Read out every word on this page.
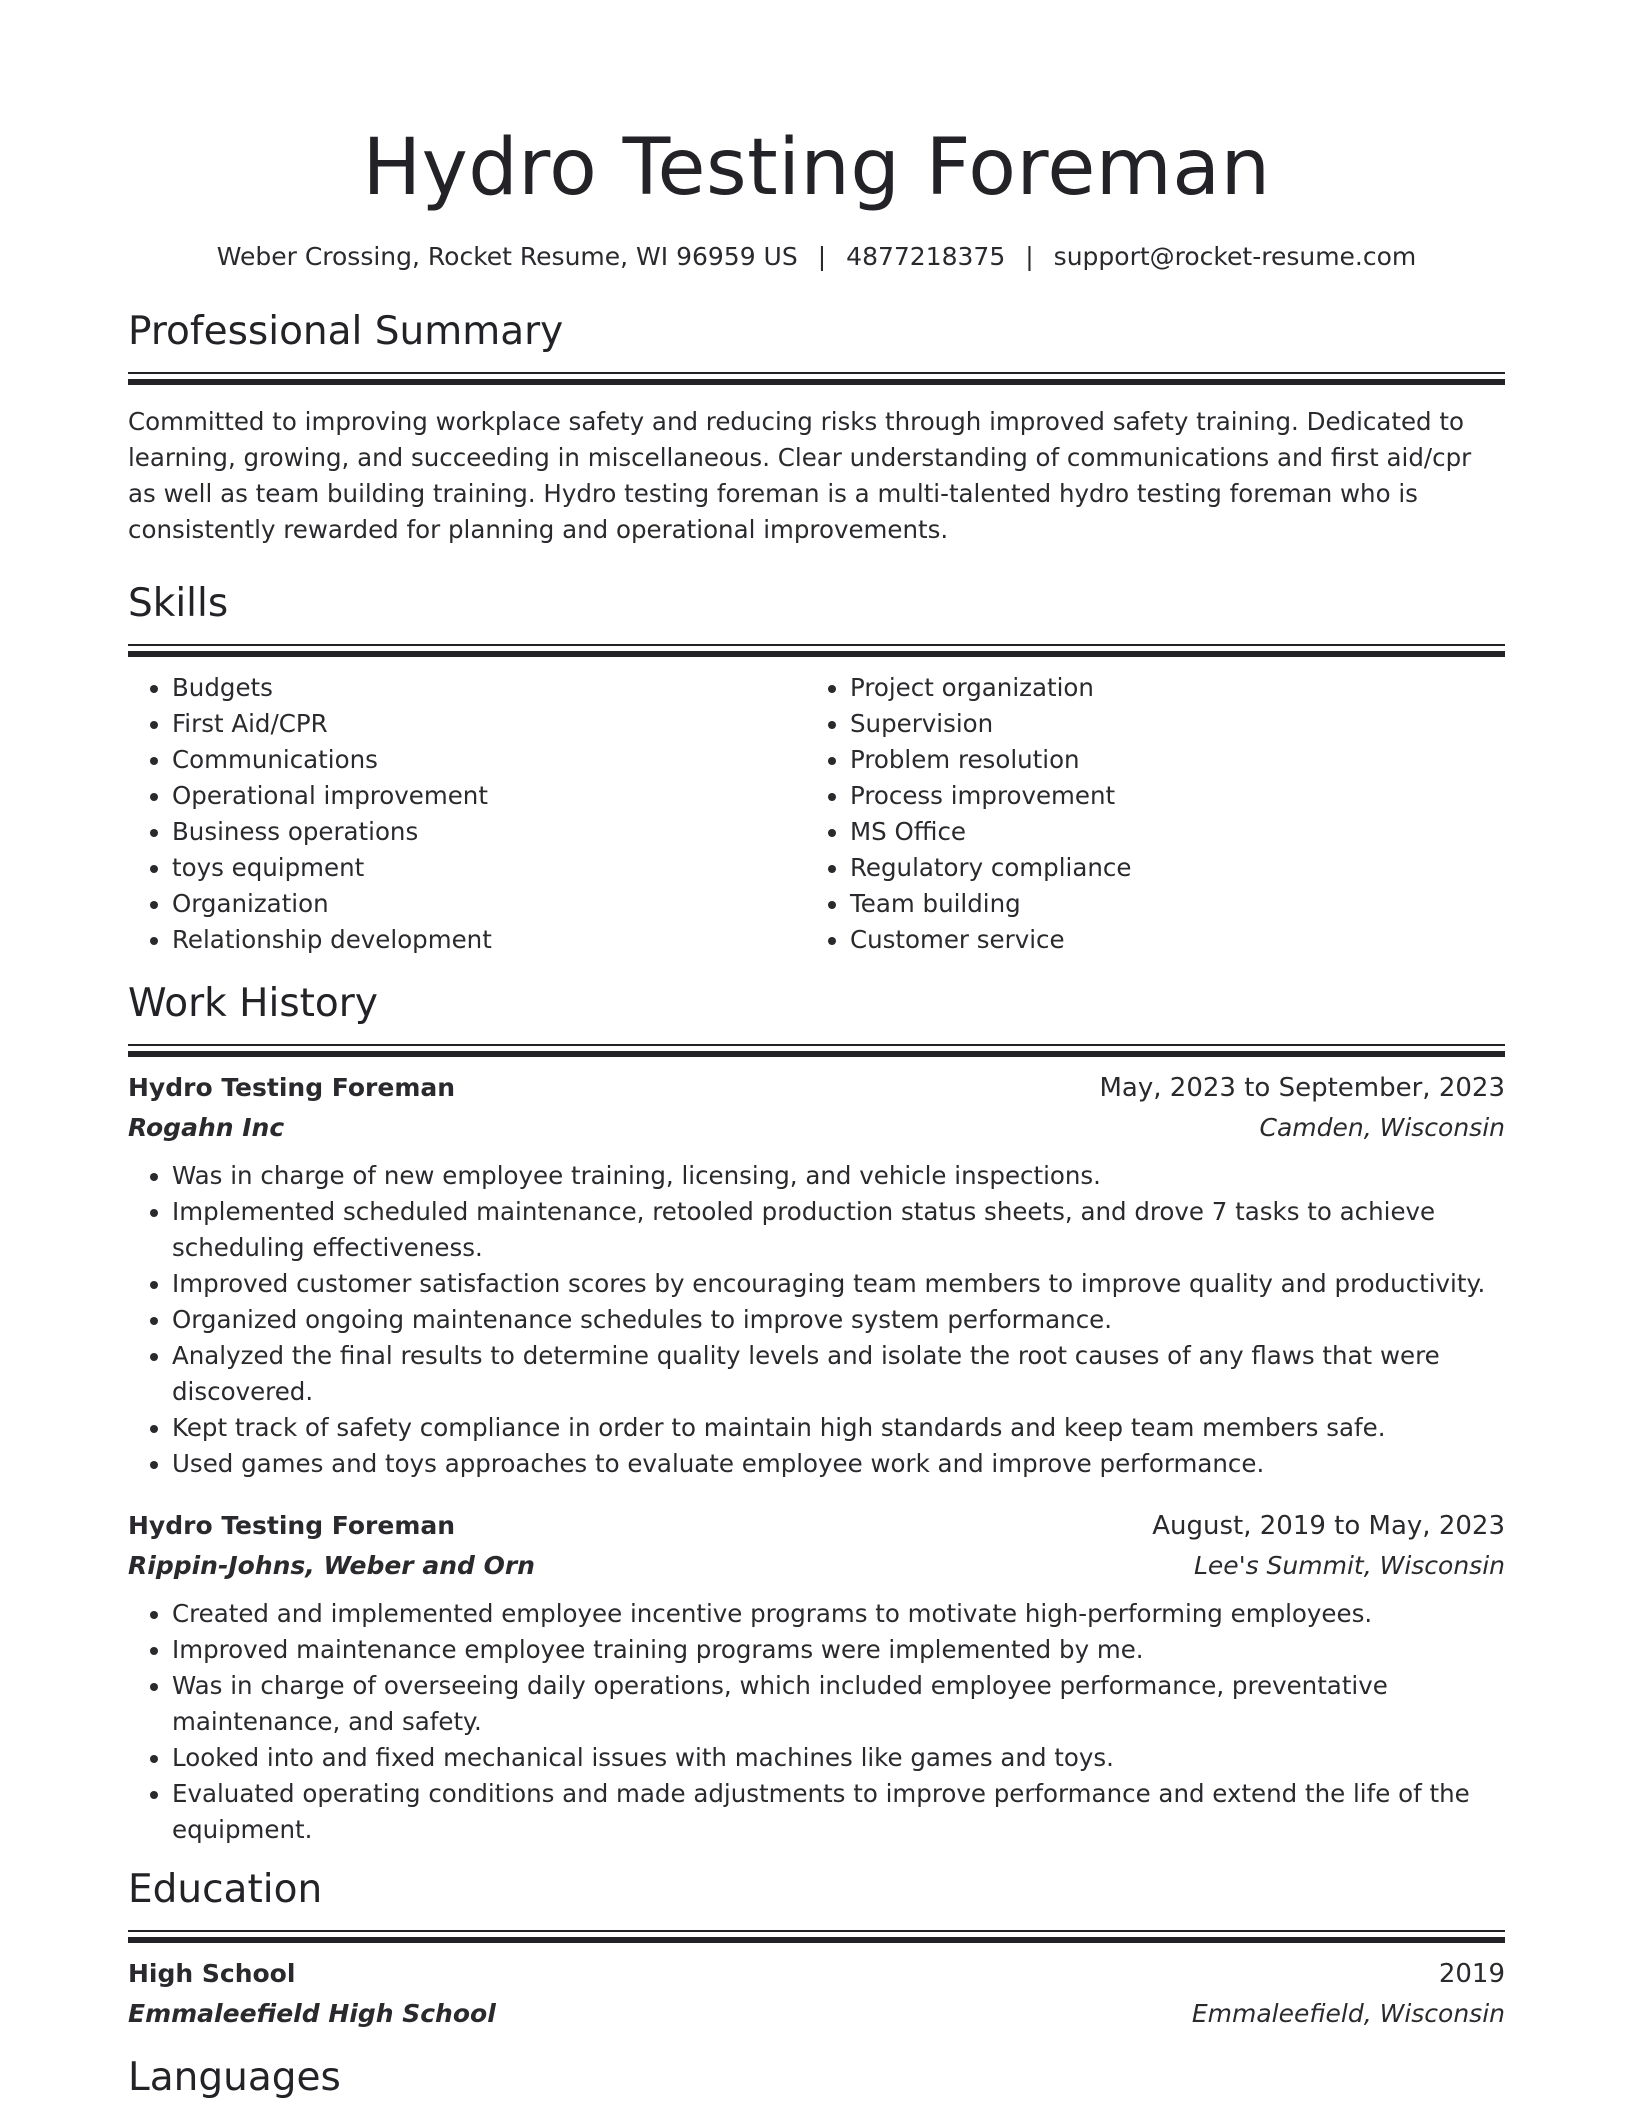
Hydro Testing Foreman
Weber Crossing, Rocket Resume, WI 96959 US | 4877218375 | support@rocket-resume.com
Professional Summary

Committed to improving workplace safety and reducing risks through improved safety training. Dedicated to learning, growing, and succeeding in miscellaneous. Clear understanding of communications and first aid/cpr as well as team building training. Hydro testing foreman is a multi-talented hydro testing foreman who is consistently rewarded for planning and operational improvements.

Skills
• Budgets
• First Aid/CPR
• Communications
• Operational improvement
• Business operations
• toys equipment
• Organization
• Relationship development
• Project organization
• Supervision
• Problem resolution
• Process improvement
• MS Office
• Regulatory compliance
• Team building
• Customer service
Work History
Hydro Testing Foreman	May, 2023 to September, 2023
Rogahn Inc	Camden, Wisconsin
• Was in charge of new employee training, licensing, and vehicle inspections.
• Implemented scheduled maintenance, retooled production status sheets, and drove 7 tasks to achieve scheduling effectiveness.
• Improved customer satisfaction scores by encouraging team members to improve quality and productivity.
• Organized ongoing maintenance schedules to improve system performance.
• Analyzed the final results to determine quality levels and isolate the root causes of any flaws that were discovered.
• Kept track of safety compliance in order to maintain high standards and keep team members safe.
• Used games and toys approaches to evaluate employee work and improve performance.
Hydro Testing Foreman	August, 2019 to May, 2023
Rippin-Johns, Weber and Orn	Lee's Summit, Wisconsin
• Created and implemented employee incentive programs to motivate high-performing employees.
• Improved maintenance employee training programs were implemented by me.
• Was in charge of overseeing daily operations, which included employee performance, preventative maintenance, and safety.
• Looked into and fixed mechanical issues with machines like games and toys.
• Evaluated operating conditions and made adjustments to improve performance and extend the life of the equipment.
Education
High School	2019
Emmaleefield High School	Emmaleefield, Wisconsin
Languages
